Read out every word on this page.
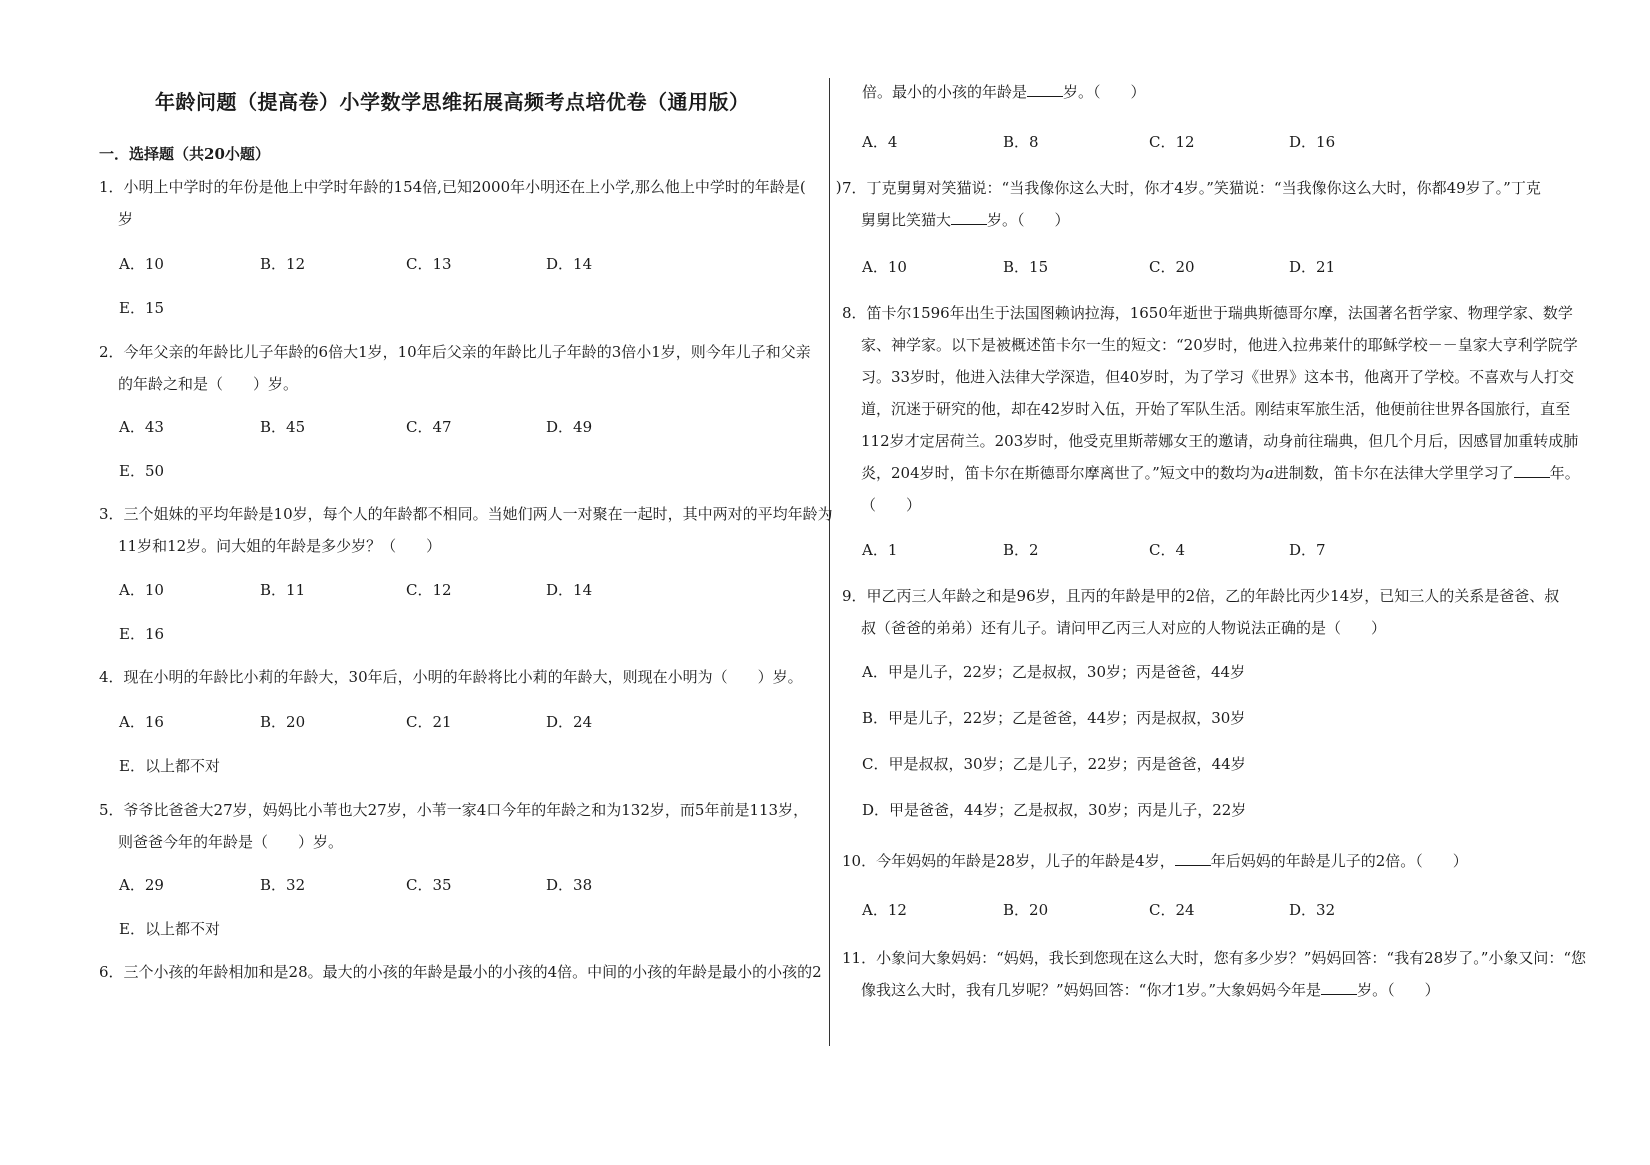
年龄问题（提高卷）小学数学思维拓展高频考点培优卷（通用版）
一．选择题（共20小题）
1．小明上中学时的年份是他上中学时年龄的154倍,已知2000年小明还在上小学,那么他上中学时的年龄是(　　)
岁
A．10	B．12	C．13	D．14
E．15
2．今年父亲的年龄比儿子年龄的6倍大1岁，10年后父亲的年龄比儿子年龄的3倍小1岁，则今年儿子和父亲
的年龄之和是（　　）岁。
A．43	B．45	C．47	D．49
E．50
3．三个姐妹的平均年龄是10岁，每个人的年龄都不相同。当她们两人一对聚在一起时，其中两对的平均年龄为
11岁和12岁。问大姐的年龄是多少岁？（　　）
A．10	B．11	C．12	D．14
E．16
4．现在小明的年龄比小莉的年龄大，30年后，小明的年龄将比小莉的年龄大，则现在小明为（　　）岁。
A．16	B．20	C．21	D．24
E．以上都不对
5．爷爷比爸爸大27岁，妈妈比小苇也大27岁，小苇一家4口今年的年龄之和为132岁，而5年前是113岁，
则爸爸今年的年龄是（　　）岁。
A．29	B．32	C．35	D．38
E．以上都不对
6．三个小孩的年龄相加和是28。最大的小孩的年龄是最小的小孩的4倍。中间的小孩的年龄是最小的小孩的2
倍。最小的小孩的年龄是 岁。（　　）
A．4	B．8	C．12	D．16
7．丁克舅舅对笑猫说：“当我像你这么大时，你才4岁。”笑猫说：“当我像你这么大时，你都49岁了。”丁克
舅舅比笑猫大 岁。（　　）
A．10	B．15	C．20	D．21
8．笛卡尔1596年出生于法国图赖讷拉海，1650年逝世于瑞典斯德哥尔摩，法国著名哲学家、物理学家、数学
家、神学家。以下是被概述笛卡尔一生的短文：“20岁时，他进入拉弗莱什的耶稣学校－－皇家大亨利学院学
习。33岁时，他进入法律大学深造，但40岁时，为了学习《世界》这本书，他离开了学校。不喜欢与人打交
道，沉迷于研究的他，却在42岁时入伍，开始了军队生活。刚结束军旅生活，他便前往世界各国旅行，直至
112岁才定居荷兰。203岁时，他受克里斯蒂娜女王的邀请，动身前往瑞典，但几个月后，因感冒加重转成肺
炎，204岁时，笛卡尔在斯德哥尔摩离世了。”短文中的数均为a进制数，笛卡尔在法律大学里学习了 年。
（　　）
A．1	B．2	C．4	D．7
9．甲乙丙三人年龄之和是96岁，且丙的年龄是甲的2倍，乙的年龄比丙少14岁，已知三人的关系是爸爸、叔
叔（爸爸的弟弟）还有儿子。请问甲乙丙三人对应的人物说法正确的是（　　）
A．甲是儿子，22岁；乙是叔叔，30岁；丙是爸爸，44岁
B．甲是儿子，22岁；乙是爸爸，44岁；丙是叔叔，30岁
C．甲是叔叔，30岁；乙是儿子，22岁；丙是爸爸，44岁
D．甲是爸爸，44岁；乙是叔叔，30岁；丙是儿子，22岁
10．今年妈妈的年龄是28岁，儿子的年龄是4岁， 年后妈妈的年龄是儿子的2倍。（　　）
A．12	B．20	C．24	D．32
11．小象问大象妈妈：“妈妈，我长到您现在这么大时，您有多少岁？”妈妈回答：“我有28岁了。”小象又问：“您
像我这么大时，我有几岁呢？”妈妈回答：“你才1岁。”大象妈妈今年是 岁。（　　）
